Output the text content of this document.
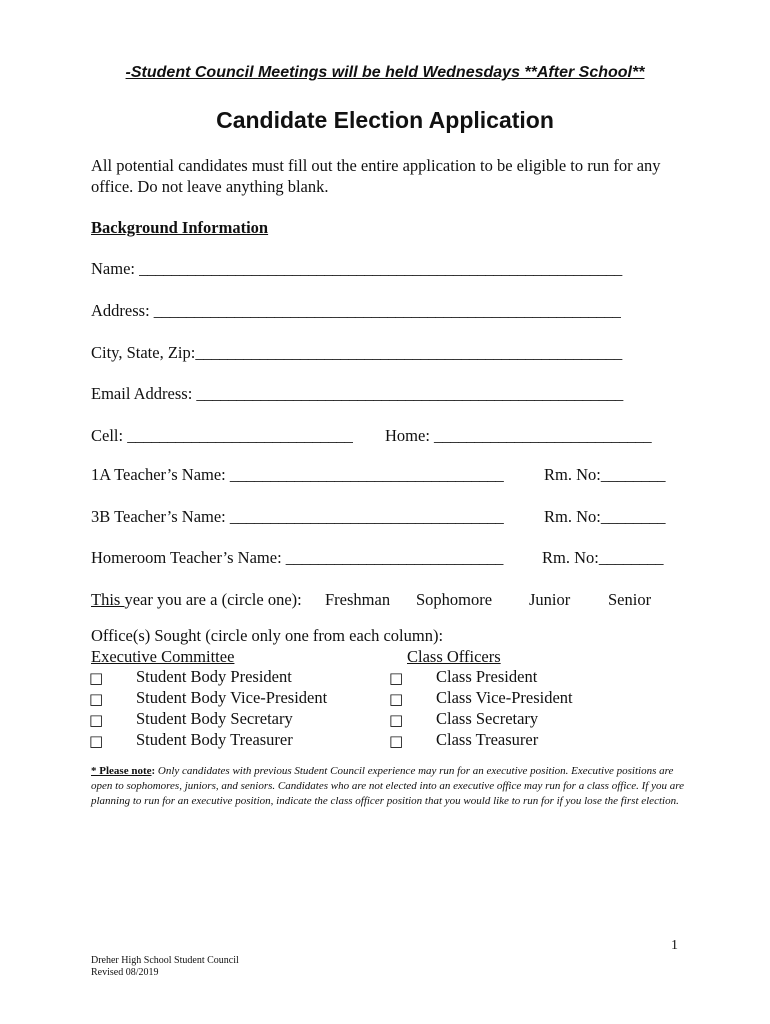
-Student Council Meetings will be held Wednesdays **After School**
Candidate Election Application
All potential candidates must fill out the entire application to be eligible to run for any office. Do not leave anything blank.
Background Information
Name: ____________________________________________________________
Address: __________________________________________________________
City, State, Zip:_____________________________________________________
Email Address: _____________________________________________________
Cell: ____________________________ Home: ___________________________
1A Teacher’s Name: __________________________________ Rm. No:________
3B Teacher’s Name: __________________________________ Rm. No:________
Homeroom Teacher’s Name: ___________________________ Rm. No:________
This year you are a (circle one): Freshman Sophomore Junior Senior
Office(s) Sought (circle only one from each column):
Executive Committee	Class Officers
□ Student Body President
□ Student Body Vice-President
□ Student Body Secretary
□ Student Body Treasurer
□ Class President
□ Class Vice-President
□ Class Secretary
□ Class Treasurer
* Please note: Only candidates with previous Student Council experience may run for an executive position. Executive positions are open to sophomores, juniors, and seniors. Candidates who are not elected into an executive office may run for a class office. If you are planning to run for an executive position, indicate the class officer position that you would like to run for if you lose the first election.
1
Dreher High School Student Council
Revised 08/2019
